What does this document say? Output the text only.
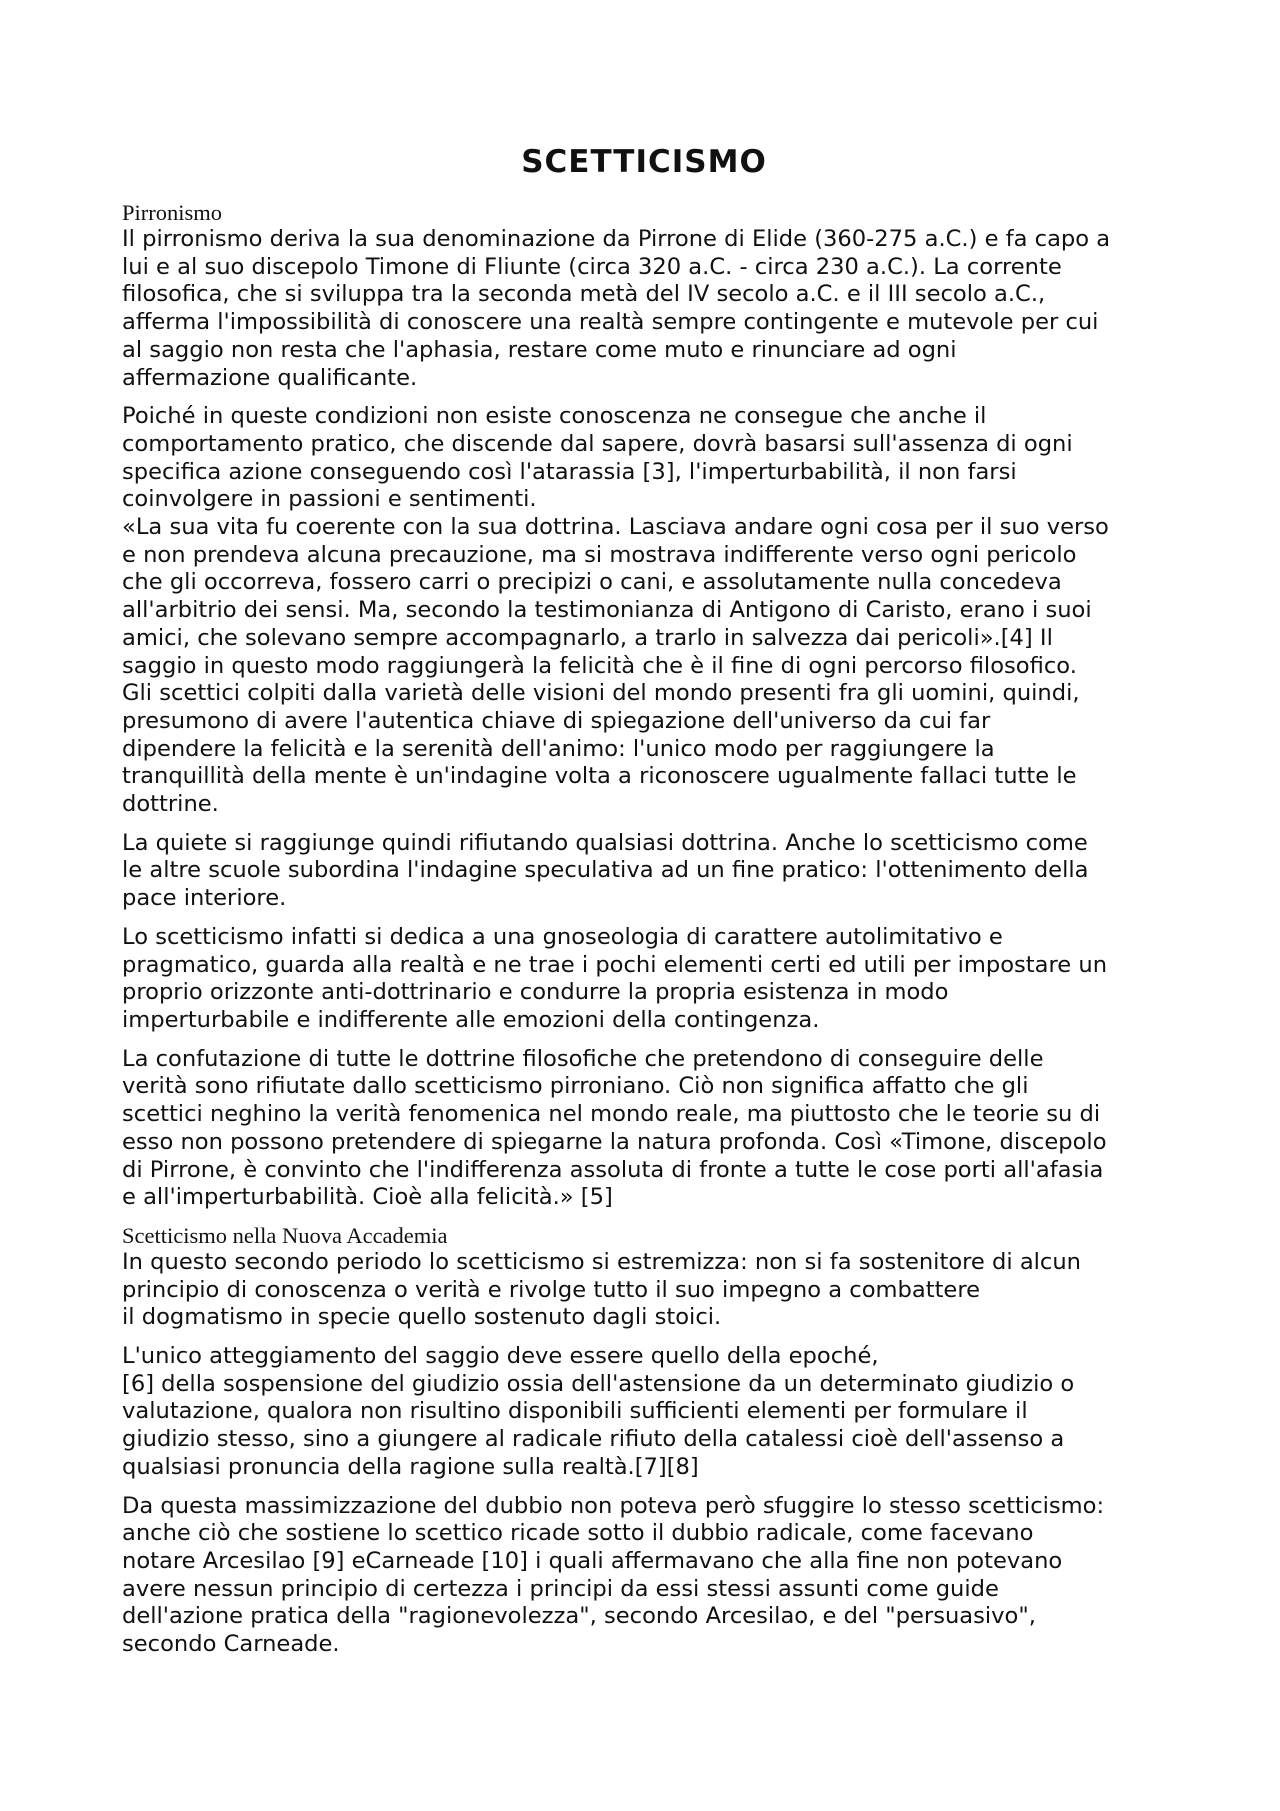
SCETTICISMO
Pirronismo

Il pirronismo deriva la sua denominazione da Pirrone di Elide (360-275 a.C.) e fa capo a
lui e al suo discepolo Timone di Fliunte (circa 320 a.C. - circa 230 a.C.). La corrente
filosofica, che si sviluppa tra la seconda metà del IV secolo a.C. e il III secolo a.C.,
afferma l'impossibilità di conoscere una realtà sempre contingente e mutevole per cui
al saggio non resta che l'aphasia, restare come muto e rinunciare ad ogni
affermazione qualificante.

Poiché in queste condizioni non esiste conoscenza ne consegue che anche il
comportamento pratico, che discende dal sapere, dovrà basarsi sull'assenza di ogni
specifica azione conseguendo così l'atarassia [3], l'imperturbabilità, il non farsi
coinvolgere in passioni e sentimenti.
«La sua vita fu coerente con la sua dottrina. Lasciava andare ogni cosa per il suo verso
e non prendeva alcuna precauzione, ma si mostrava indifferente verso ogni pericolo
che gli occorreva, fossero carri o precipizi o cani, e assolutamente nulla concedeva
all'arbitrio dei sensi. Ma, secondo la testimonianza di Antigono di Caristo, erano i suoi
amici, che solevano sempre accompagnarlo, a trarlo in salvezza dai pericoli».[4] Il
saggio in questo modo raggiungerà la felicità che è il fine di ogni percorso filosofico.
Gli scettici colpiti dalla varietà delle visioni del mondo presenti fra gli uomini, quindi,
presumono di avere l'autentica chiave di spiegazione dell'universo da cui far
dipendere la felicità e la serenità dell'animo: l'unico modo per raggiungere la
tranquillità della mente è un'indagine volta a riconoscere ugualmente fallaci tutte le
dottrine.

La quiete si raggiunge quindi rifiutando qualsiasi dottrina. Anche lo scetticismo come
le altre scuole subordina l'indagine speculativa ad un fine pratico: l'ottenimento della
pace interiore.

Lo scetticismo infatti si dedica a una gnoseologia di carattere autolimitativo e
pragmatico, guarda alla realtà e ne trae i pochi elementi certi ed utili per impostare un
proprio orizzonte anti-dottrinario e condurre la propria esistenza in modo
imperturbabile e indifferente alle emozioni della contingenza.

La confutazione di tutte le dottrine filosofiche che pretendono di conseguire delle
verità sono rifiutate dallo scetticismo pirroniano. Ciò non significa affatto che gli
scettici neghino la verità fenomenica nel mondo reale, ma piuttosto che le teorie su di
esso non possono pretendere di spiegarne la natura profonda. Così «Timone, discepolo
di Pirrone, è convinto che l'indifferenza assoluta di fronte a tutte le cose porti all'afasia
e all'imperturbabilità. Cioè alla felicità.» [5]

Scetticismo nella Nuova Accademia

In questo secondo periodo lo scetticismo si estremizza: non si fa sostenitore di alcun
principio di conoscenza o verità e rivolge tutto il suo impegno a combattere
il dogmatismo in specie quello sostenuto dagli stoici.

L'unico atteggiamento del saggio deve essere quello della epoché,
[6] della sospensione del giudizio ossia dell'astensione da un determinato giudizio o
valutazione, qualora non risultino disponibili sufficienti elementi per formulare il
giudizio stesso, sino a giungere al radicale rifiuto della catalessi cioè dell'assenso a
qualsiasi pronuncia della ragione sulla realtà.[7][8]

Da questa massimizzazione del dubbio non poteva però sfuggire lo stesso scetticismo:
anche ciò che sostiene lo scettico ricade sotto il dubbio radicale, come facevano
notare Arcesilao [9] eCarneade [10] i quali affermavano che alla fine non potevano
avere nessun principio di certezza i principi da essi stessi assunti come guide
dell'azione pratica della "ragionevolezza", secondo Arcesilao, e del "persuasivo",
secondo Carneade.
